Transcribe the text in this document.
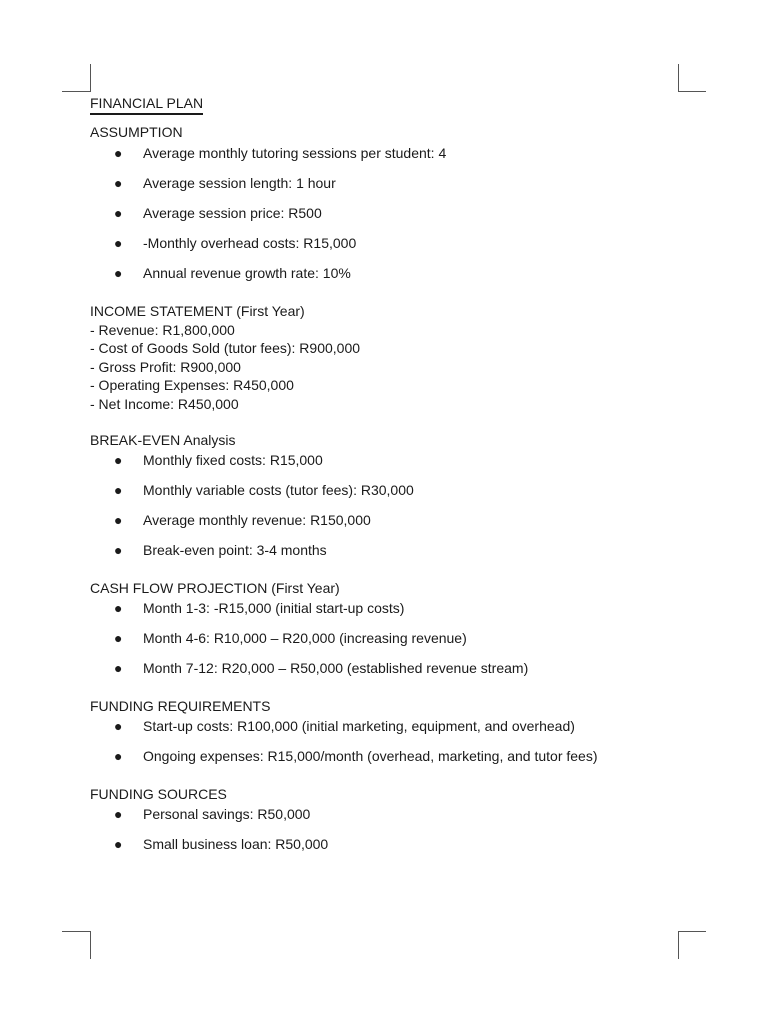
FINANCIAL PLAN
ASSUMPTION
● Average monthly tutoring sessions per student: 4
● Average session length: 1 hour
● Average session price: R500
● -Monthly overhead costs: R15,000
● Annual revenue growth rate: 10%
INCOME STATEMENT (First Year)
- Revenue: R1,800,000
- Cost of Goods Sold (tutor fees): R900,000
- Gross Profit: R900,000
- Operating Expenses: R450,000
- Net Income: R450,000
BREAK-EVEN Analysis
● Monthly fixed costs: R15,000
● Monthly variable costs (tutor fees): R30,000
● Average monthly revenue: R150,000
● Break-even point: 3-4 months
CASH FLOW PROJECTION (First Year)
● Month 1-3: -R15,000 (initial start-up costs)
● Month 4-6: R10,000 – R20,000 (increasing revenue)
● Month 7-12: R20,000 – R50,000 (established revenue stream)
FUNDING REQUIREMENTS
● Start-up costs: R100,000 (initial marketing, equipment, and overhead)
● Ongoing expenses: R15,000/month (overhead, marketing, and tutor fees)
FUNDING SOURCES
● Personal savings: R50,000
● Small business loan: R50,000
